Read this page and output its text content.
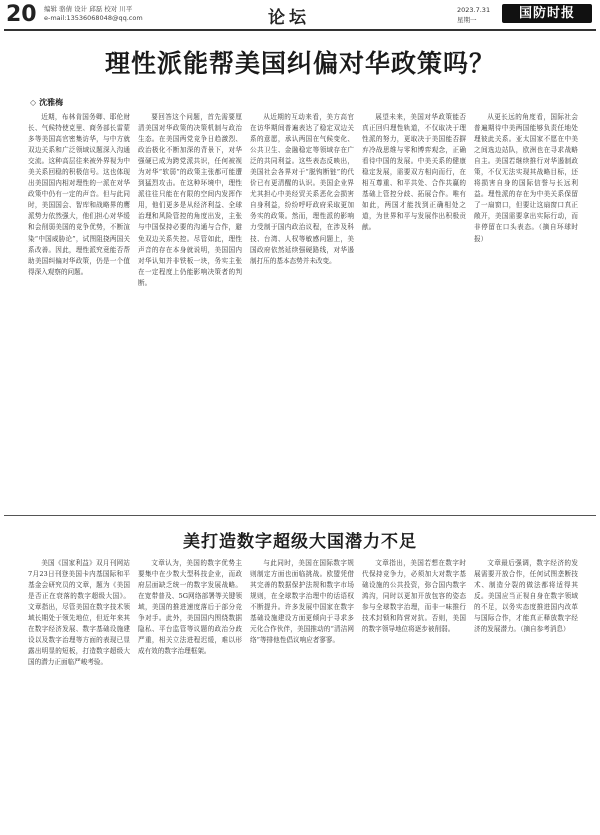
20 编辑 骆倩 设计 邱磊 校对 川平
e-mail:13536068048@qq.com	论坛	2023.7.31
星期一	国防时报
理性派能帮美国纠偏对华政策吗？
◇ 沈雅梅
近期，布林肯国务卿、耶伦财长、气候特使克里、商务部长雷蒙多等美国高官密集访华，与中方就双边关系和广泛领域议题深入沟通交流。这种高层往来被外界视为中美关系回稳的积极信号。这也体现出美国国内相对理性的一派在对华政策中仍有一定的声音。但与此同时，美国国会、智库和战略界的鹰派势力依然强大，他们担心对华缓和会削弱美国的竞争优势，不断渲染“中国威胁论”，试图阻挠两国关系改善。因此，理性派究竟能否帮助美国纠偏对华政策，仍是一个值得深入观察的问题。
要回答这个问题，首先需要厘清美国对华政策的决策机制与政治生态。在美国两党竞争日趋激烈、政治极化不断加深的背景下，对华强硬已成为跨党派共识，任何被视为对华“软弱”的政策主张都可能遭到猛烈攻击。在这种环境中，理性派往往只能在有限的空间内发挥作用，他们更多是从经济利益、全球治理和风险管控的角度出发，主张与中国保持必要的沟通与合作，避免双边关系失控。尽管如此，理性声音的存在本身就说明，美国国内对华认知并非铁板一块，务实主张在一定程度上仍能影响决策者的判断。
从近期的互动来看，美方高官在访华期间普遍表达了稳定双边关系的意愿，承认两国在气候变化、公共卫生、金融稳定等领域存在广泛的共同利益。这些表态反映出，美国社会各界对于“脱钩断链”的代价已有更清醒的认识。美国企业界尤其担心中美经贸关系恶化会损害自身利益，纷纷呼吁政府采取更加务实的政策。然而，理性派的影响力受制于国内政治议程，在涉及科技、台湾、人权等敏感问题上，美国政府依然延续强硬路线，对华遏制打压的基本态势并未改变。
展望未来，美国对华政策能否真正回归理性轨道，不仅取决于理性派的努力，更取决于美国能否摒弃冷战思维与零和博弈观念，正确看待中国的发展。中美关系的健康稳定发展，需要双方相向而行，在相互尊重、和平共处、合作共赢的基础上管控分歧、拓展合作。唯有如此，两国才能找到正确相处之道，为世界和平与发展作出积极贡献。
从更长远的角度看，国际社会普遍期待中美两国能够负责任地处理彼此关系。亚太国家不愿在中美之间选边站队，欧洲也在寻求战略自主。美国若继续推行对华遏制政策，不仅无法实现其战略目标，还将损害自身的国际信誉与长远利益。理性派的存在为中美关系保留了一扇窗口，但要让这扇窗口真正敞开，美国需要拿出实际行动，而非停留在口头表态。（摘自环球时报）
美打造数字超级大国潜力不足
美国《国家利益》双月刊网站7月23日刊登美国卡内基国际和平基金会研究员的文章，题为《美国是否正在衰落的数字超级大国》。文章指出，尽管美国在数字技术领域长期处于领先地位，但近年来其在数字经济发展、数字基础设施建设以及数字治理等方面的表现已显露出明显的短板，打造数字超级大国的潜力正面临严峻考验。
文章认为，美国的数字优势主要集中在少数大型科技企业，而政府层面缺乏统一的数字发展战略。在宽带普及、5G网络部署等关键领域，美国的推进速度落后于部分竞争对手。此外，美国国内围绕数据隐私、平台监管等议题的政治分歧严重，相关立法进程迟缓，难以形成有效的数字治理框架。
与此同时，美国在国际数字规则制定方面也面临挑战。欧盟凭借其完善的数据保护法规和数字市场规则，在全球数字治理中的话语权不断提升。许多发展中国家在数字基础设施建设方面更倾向于寻求多元化合作伙伴，美国推动的“清洁网络”等排他性倡议响应者寥寥。
文章指出，美国若想在数字时代保持竞争力，必须加大对数字基础设施的公共投资，弥合国内数字鸿沟，同时以更加开放包容的姿态参与全球数字治理，而非一味推行技术封锁和阵营对抗。否则，美国的数字领导地位将逐步被削弱。
文章最后强调，数字经济的发展需要开放合作，任何试图垄断技术、制造分裂的做法都将适得其反。美国应当正视自身在数字领域的不足，以务实态度推进国内改革与国际合作，才能真正释放数字经济的发展潜力。（摘自参考消息）
